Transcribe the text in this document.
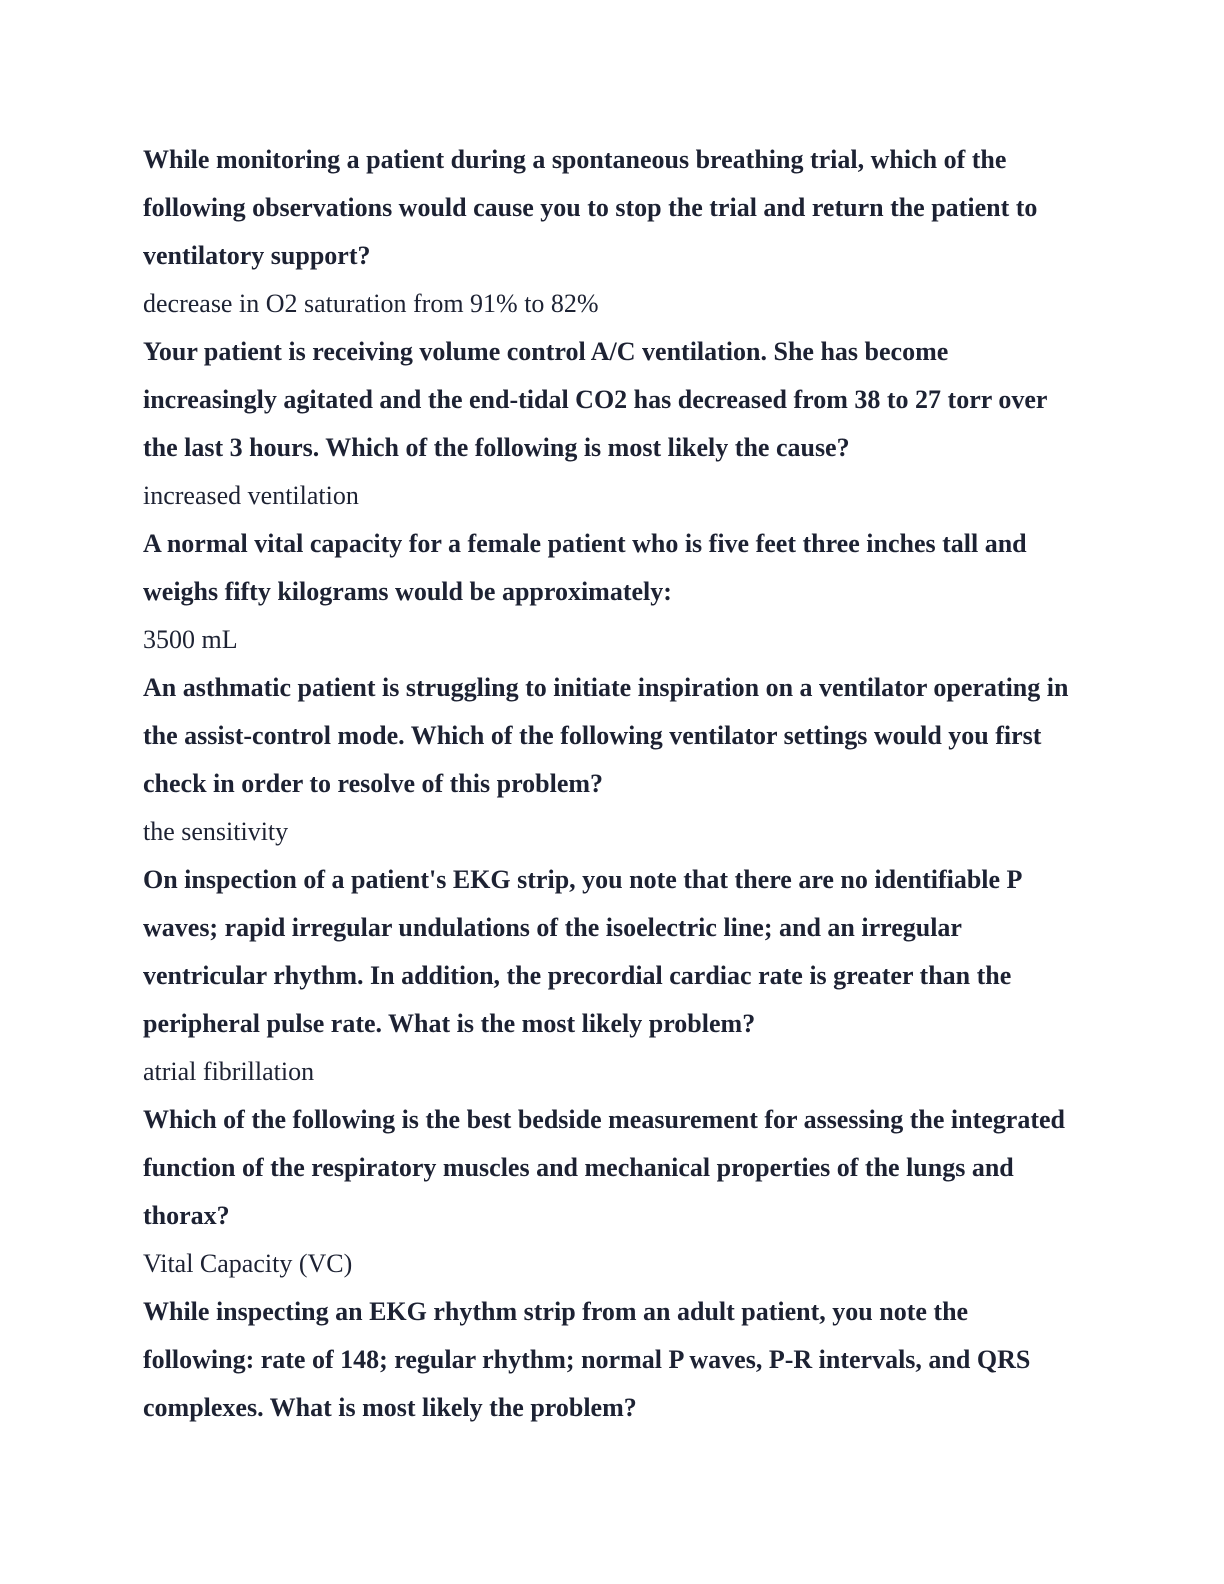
While monitoring a patient during a spontaneous breathing trial, which of the following observations would cause you to stop the trial and return the patient to ventilatory support?

decrease in O2 saturation from 91% to 82%

Your patient is receiving volume control A/C ventilation. She has become increasingly agitated and the end-tidal CO2 has decreased from 38 to 27 torr over the last 3 hours. Which of the following is most likely the cause?

increased ventilation

A normal vital capacity for a female patient who is five feet three inches tall and weighs fifty kilograms would be approximately:

3500 mL

An asthmatic patient is struggling to initiate inspiration on a ventilator operating in the assist-control mode. Which of the following ventilator settings would you first check in order to resolve of this problem?

the sensitivity

On inspection of a patient's EKG strip, you note that there are no identifiable P waves; rapid irregular undulations of the isoelectric line; and an irregular ventricular rhythm. In addition, the precordial cardiac rate is greater than the peripheral pulse rate. What is the most likely problem?

atrial fibrillation

Which of the following is the best bedside measurement for assessing the integrated function of the respiratory muscles and mechanical properties of the lungs and thorax?

Vital Capacity (VC)

While inspecting an EKG rhythm strip from an adult patient, you note the following: rate of 148; regular rhythm; normal P waves, P-R intervals, and QRS complexes. What is most likely the problem?
